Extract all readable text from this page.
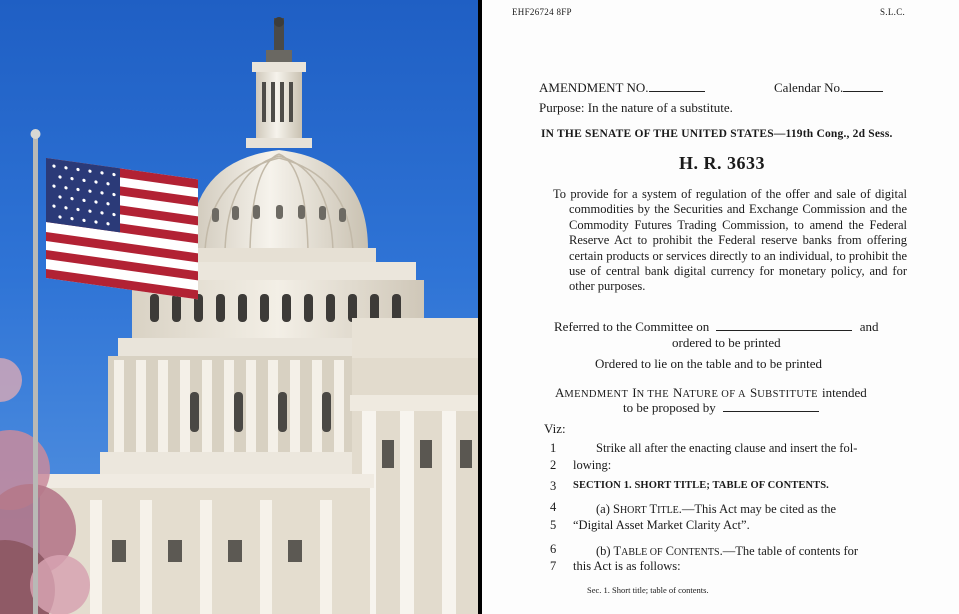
EHF26724 8FP	S.L.C.
AMENDMENT NO.	Calendar No.
Purpose: In the nature of a substitute.
IN THE SENATE OF THE UNITED STATES—119th Cong., 2d Sess.
H. R. 3633
To provide for a system of regulation of the offer and sale of digital commodities by the Securities and Exchange Commission and the Commodity Futures Trading Commission, to amend the Federal Reserve Act to prohibit the Federal reserve banks from offering certain products or services directly to an individual, to prohibit the use of central bank digital currency for monetary policy, and for other purposes.
Referred to the Committee on	and
ordered to be printed
Ordered to lie on the table and to be printed
AMENDMENT IN THE NATURE OF A SUBSTITUTE intended
to be proposed by
Viz:
1	Strike all after the enacting clause and insert the fol-
2 lowing:
3 SECTION 1. SHORT TITLE; TABLE OF CONTENTS.
4	(a) SHORT TITLE.—This Act may be cited as the
5 “Digital Asset Market Clarity Act”.
6	(b) TABLE OF CONTENTS.—The table of contents for
7 this Act is as follows:
Sec. 1. Short title; table of contents.
